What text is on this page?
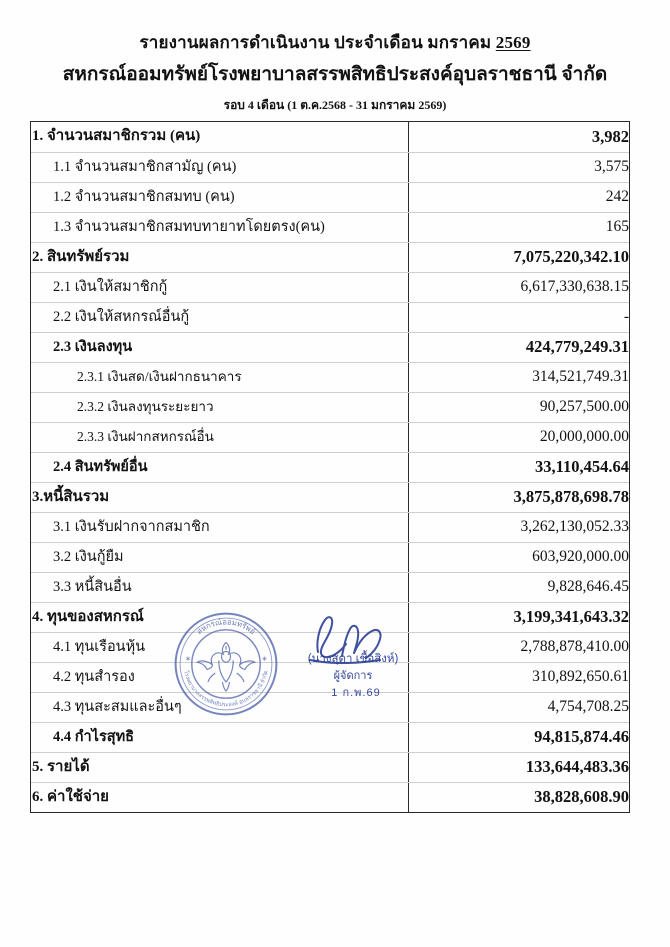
รายงานผลการดำเนินงาน ประจำเดือน มกราคม 2569
สหกรณ์ออมทรัพย์โรงพยาบาลสรรพสิทธิประสงค์อุบลราชธานี จำกัด
รอบ 4 เดือน (1 ต.ค.2568 - 31 มกราคม 2569)
1. จำนวนสมาชิกรวม (คน)	3,982

1.1 จำนวนสมาชิกสามัญ (คน)	3,575

1.2 จำนวนสมาชิกสมทบ (คน)	242

1.3 จำนวนสมาชิกสมทบทายาทโดยตรง(คน)	165

2. สินทรัพย์รวม	7,075,220,342.10

2.1 เงินให้สมาชิกกู้	6,617,330,638.15

2.2 เงินให้สหกรณ์อื่นกู้	-

2.3 เงินลงทุน	424,779,249.31

2.3.1 เงินสด/เงินฝากธนาคาร	314,521,749.31

2.3.2 เงินลงทุนระยะยาว	90,257,500.00

2.3.3 เงินฝากสหกรณ์อื่น	20,000,000.00

2.4 สินทรัพย์อื่น	33,110,454.64

3.หนี้สินรวม	3,875,878,698.78

3.1 เงินรับฝากจากสมาชิก	3,262,130,052.33

3.2 เงินกู้ยืม	603,920,000.00

3.3 หนี้สินอื่น	9,828,646.45

4. ทุนของสหกรณ์	3,199,341,643.32

4.1 ทุนเรือนหุ้น	2,788,878,410.00

4.2 ทุนสำรอง	310,892,650.61

4.3 ทุนสะสมและอื่นๆ	4,754,708.25

4.4 กำไรสุทธิ	94,815,874.46

5. รายได้	133,644,483.36

6. ค่าใช้จ่าย	38,828,608.90
สหกรณ์ออมทรัพย์
โรงพยาบาลสรรพสิทธิประสงค์ อุบลราชธานี จำกัด
✶	✶	(นางสุดา เชื้อสิงห์)
ผู้จัดการ
1 ก.พ.69
